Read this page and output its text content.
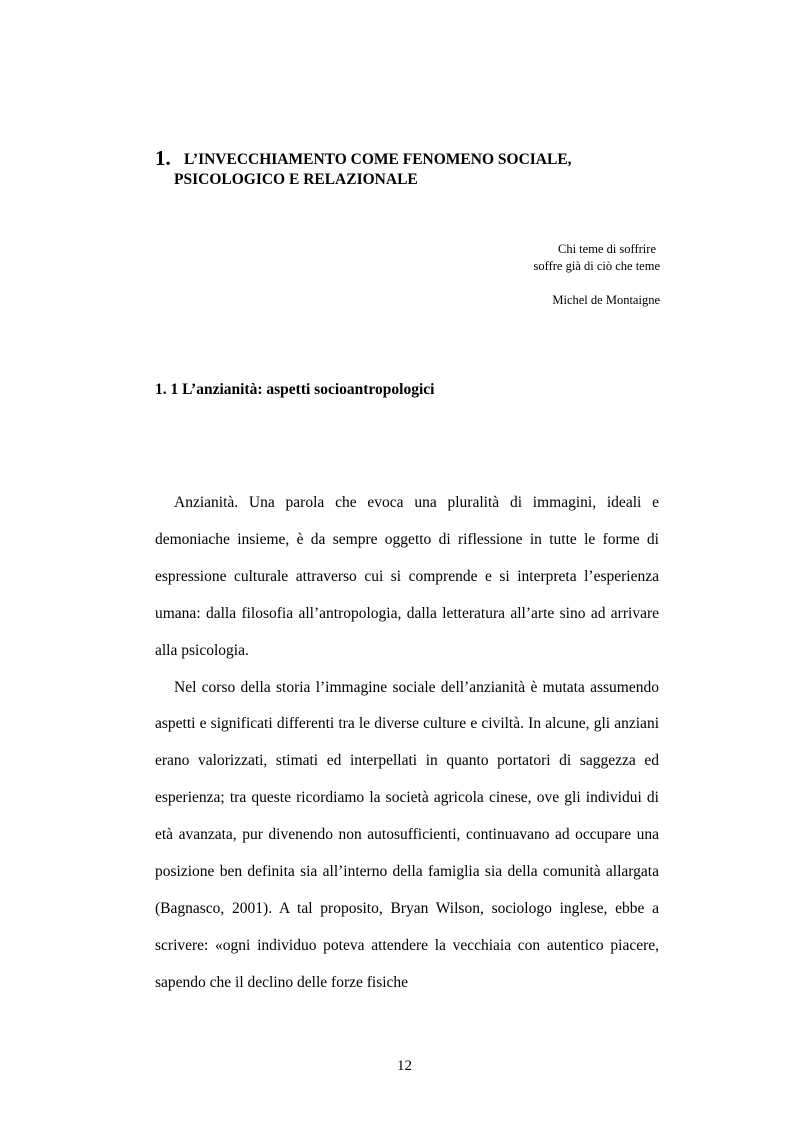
1. L’INVECCHIAMENTO COME FENOMENO SOCIALE,
PSICOLOGICO E RELAZIONALE
Chi teme di soffrire
soffre già di ciò che teme
Michel de Montaigne
1. 1 L’anzianità: aspetti socioantropologici

Anzianità. Una parola che evoca una pluralità di immagini, ideali e demoniache insieme, è da sempre oggetto di riflessione in tutte le forme di espressione culturale attraverso cui si comprende e si interpreta l’esperienza umana: dalla filosofia all’antropologia, dalla letteratura all’arte sino ad arrivare alla psicologia.

Nel corso della storia l’immagine sociale dell’anzianità è mutata assumendo aspetti e significati differenti tra le diverse culture e civiltà. In alcune, gli anziani erano valorizzati, stimati ed interpellati in quanto portatori di saggezza ed esperienza; tra queste ricordiamo la società agricola cinese, ove gli individui di età avanzata, pur divenendo non autosufficienti, continuavano ad occupare una posizione ben definita sia all’interno della famiglia sia della comunità allargata (Bagnasco, 2001). A tal proposito, Bryan Wilson, sociologo inglese, ebbe a scrivere: «ogni individuo poteva attendere la vecchiaia con autentico piacere, sapendo che il declino delle forze fisiche

12
